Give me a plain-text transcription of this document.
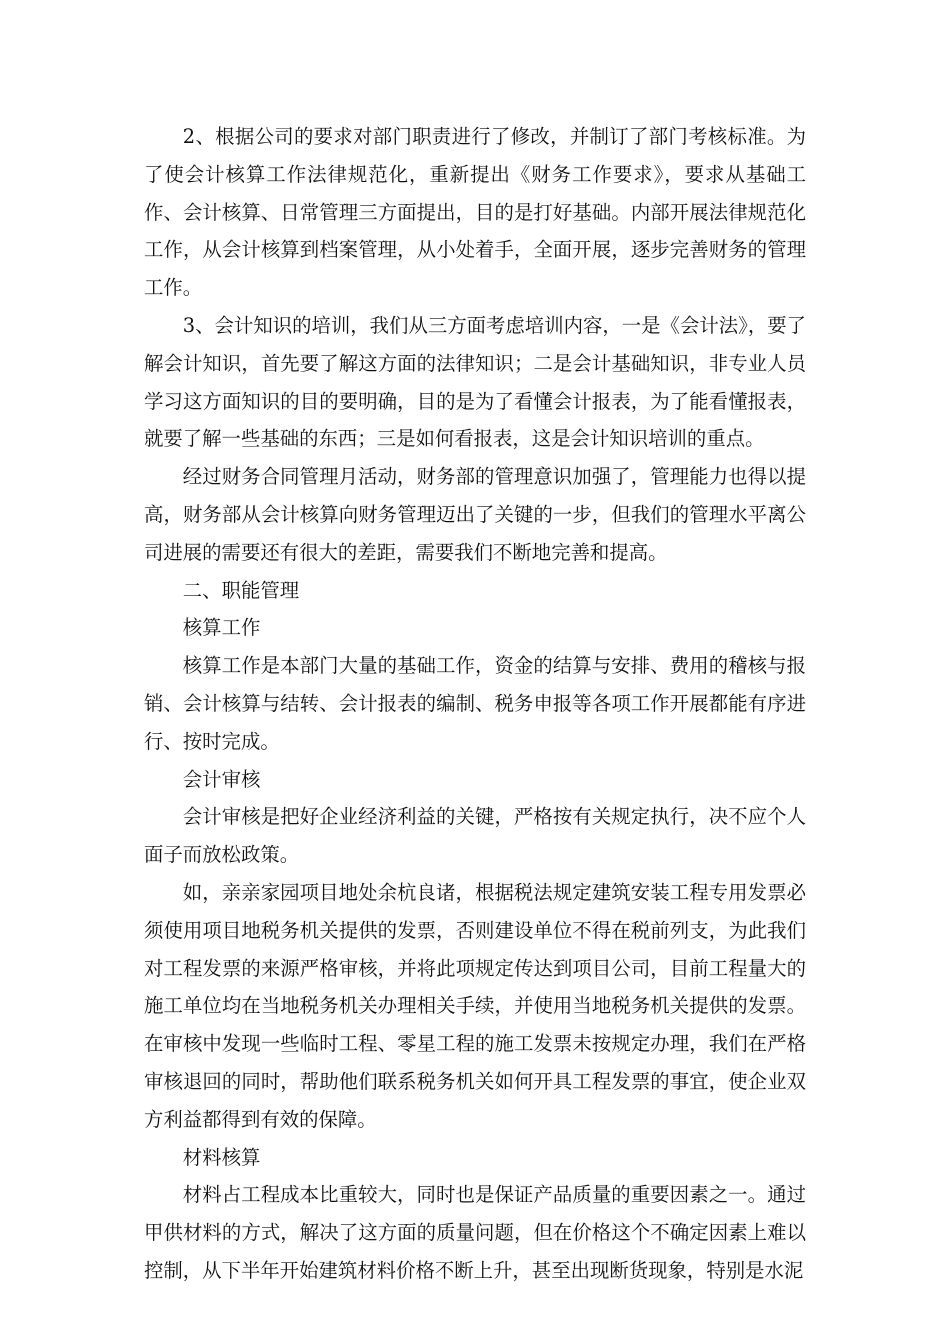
2、根据公司的要求对部门职责进行了修改，并制订了部门考核标准。为了使会计核算工作法律规范化，重新提出《财务工作要求》，要求从基础工作、会计核算、日常管理三方面提出，目的是打好基础。内部开展法律规范化工作，从会计核算到档案管理，从小处着手，全面开展，逐步完善财务的管理工作。

3、会计知识的培训，我们从三方面考虑培训内容，一是《会计法》，要了解会计知识，首先要了解这方面的法律知识；二是会计基础知识，非专业人员学习这方面知识的目的要明确，目的是为了看懂会计报表，为了能看懂报表，就要了解一些基础的东西；三是如何看报表，这是会计知识培训的重点。

经过财务合同管理月活动，财务部的管理意识加强了，管理能力也得以提高，财务部从会计核算向财务管理迈出了关键的一步，但我们的管理水平离公司进展的需要还有很大的差距，需要我们不断地完善和提高。

二、职能管理

核算工作

核算工作是本部门大量的基础工作，资金的结算与安排、费用的稽核与报销、会计核算与结转、会计报表的编制、税务申报等各项工作开展都能有序进行、按时完成。

会计审核

会计审核是把好企业经济利益的关键，严格按有关规定执行，决不应个人面子而放松政策。

如，亲亲家园项目地处余杭良诸，根据税法规定建筑安装工程专用发票必须使用项目地税务机关提供的发票，否则建设单位不得在税前列支，为此我们对工程发票的来源严格审核，并将此项规定传达到项目公司，目前工程量大的施工单位均在当地税务机关办理相关手续，并使用当地税务机关提供的发票。在审核中发现一些临时工程、零星工程的施工发票未按规定办理，我们在严格审核退回的同时，帮助他们联系税务机关如何开具工程发票的事宜，使企业双方利益都得到有效的保障。

材料核算

材料占工程成本比重较大，同时也是保证产品质量的重要因素之一。通过甲供材料的方式，解决了这方面的质量问题，但在价格这个不确定因素上难以控制，从下半年开始建筑材料价格不断上升，甚至出现断货现象，特别是水泥
